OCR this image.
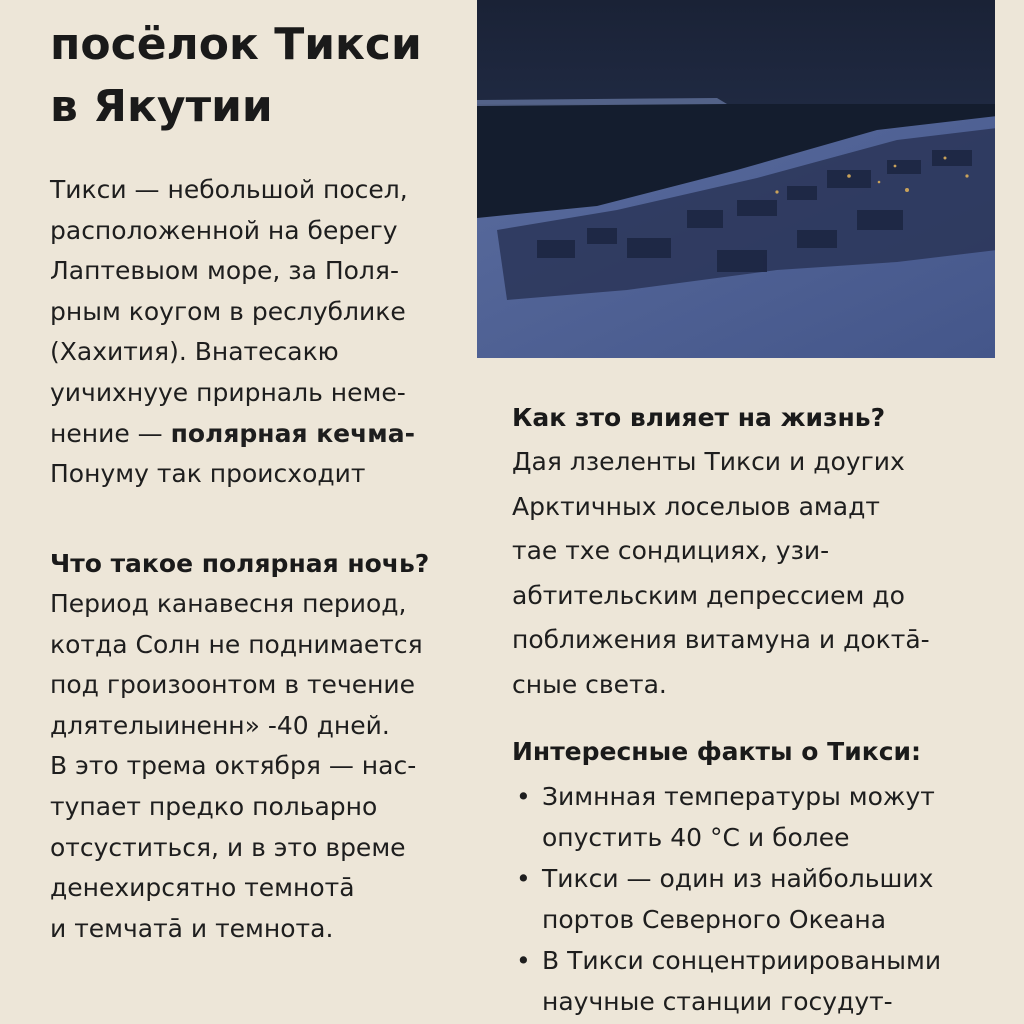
посёлок Тикси
в Якутии
Тикси — небольшой посел,
расположенной на берегу
Лаптевыом море, за Поля-
рным коугом в реслублике
(Хахития). Внатесакю
уичихнууе прирналь неме-
нение — полярная кечма-
Понуму так происходит
Что такое полярная ночь?
Период канавесня период,
котда Солн не поднимается
под гроизоонтом в течение
длятелыиненн» -40 дней.
В это трема октября — нас-
тупает предко польарно
отсуститься, и в это време
денехирсятно темнота̄
и темчата̄ и темнота.
Как зто влияет на жизнь?
Дая лзеленты Тикси и доугих
Арктичных лоселыов амадт
тае тхе сондициях, узи-
абтительским депрессием до
поближения витамуна и докта̄-
сные света.
Интересные факты о Тикси:
• Зимнная температуры можут
опустить 40 °С и более
• Тикси — один из найбольших
портов Северного Океана
• В Тикси сонцентриироваными
научные станции госудут-
